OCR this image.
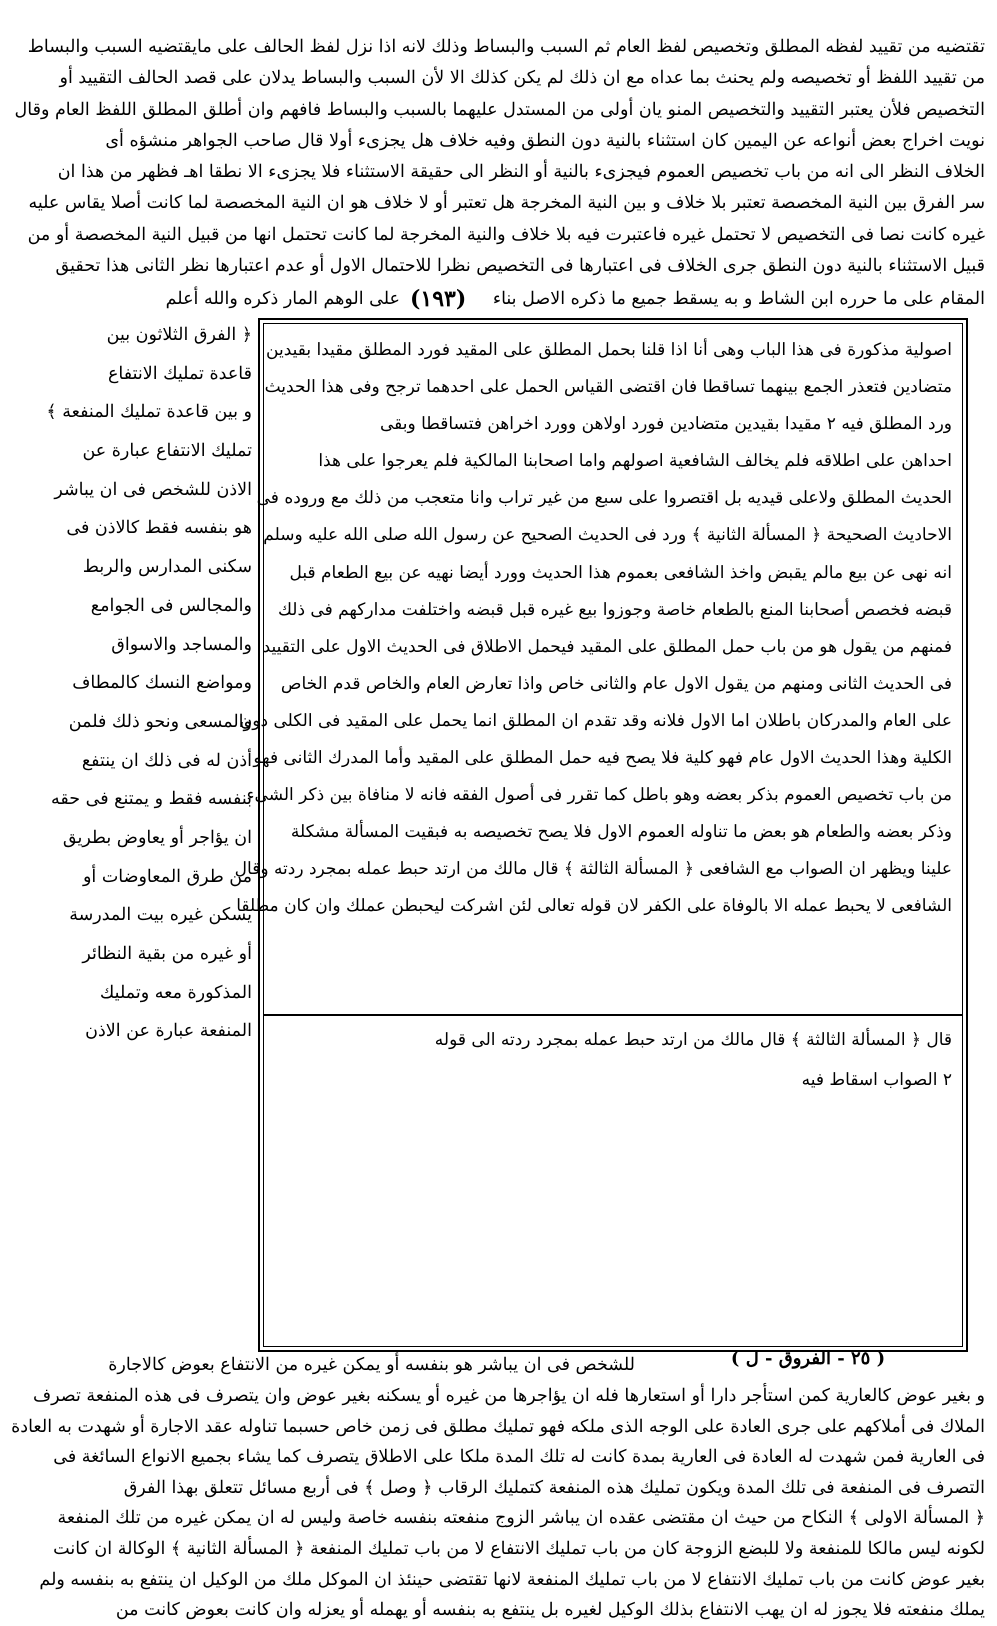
تقتضيه من تقييد لفظه المطلق وتخصيص لفظ العام ثم السبب والبساط وذلك لانه اذا نزل لفظ الحالف على مايقتضيه السبب والبساط
من تقييد اللفظ أو تخصيصه ولم يحنث بما عداه مع ان ذلك لم يكن كذلك الا لأن السبب والبساط يدلان على قصد الحالف التقييد أو
التخصيص فلأن يعتبر التقييد والتخصيص المنو يان أولى من المستدل عليهما بالسبب والبساط فافهم وان أطلق المطلق اللفظ العام وقال
نويت اخراج بعض أنواعه عن اليمين كان استثناء بالنية دون النطق وفيه خلاف هل يجزىء أولا قال صاحب الجواهر منشؤه أى
الخلاف النظر الى انه من باب تخصيص العموم فيجزىء بالنية أو النظر الى حقيقة الاستثناء فلا يجزىء الا نطقا اهـ فظهر من هذا ان
سر الفرق بين النية المخصصة تعتبر بلا خلاف و بين النية المخرجة هل تعتبر أو لا خلاف هو ان النية المخصصة لما كانت أصلا يقاس عليه
غيره كانت نصا فى التخصيص لا تحتمل غيره فاعتبرت فيه بلا خلاف والنية المخرجة لما كانت تحتمل انها من قبيل النية المخصصة أو من
قبيل الاستثناء بالنية دون النطق جرى الخلاف فى اعتبارها فى التخصيص نظرا للاحتمال الاول أو عدم اعتبارها نظر الثانى هذا تحقيق
المقام على ما حرره ابن الشاط و به يسقط جميع ما ذكره الاصل بناء
(١٩٣)
على الوهم المار ذكره والله أعلم
﴿ الفرق الثلاثون بين
قاعدة تمليك الانتفاع
و بين قاعدة تمليك المنفعة ﴾
تمليك الانتفاع عبارة عن
الاذن للشخص فى ان يباشر
هو بنفسه فقط كالاذن فى
سكنى المدارس والربط
والمجالس فى الجوامع
والمساجد والاسواق
ومواضع النسك كالمطاف
والمسعى ونحو ذلك فلمن
أذن له فى ذلك ان ينتفع
بنفسه فقط و يمتنع فى حقه
ان يؤاجر أو يعاوض بطريق
من طرق المعاوضات أو
يسكن غيره بيت المدرسة
أو غيره من بقية النظائر
المذكورة معه وتمليك
المنفعة عبارة عن الاذن
اصولية مذكورة فى هذا الباب وهى أنا اذا قلنا بحمل المطلق على المقيد فورد المطلق مقيدا بقيدين
متضادين فتعذر الجمع بينهما تساقطا فان اقتضى القياس الحمل على احدهما ترجح وفى هذا الحديث
ورد المطلق فيه ٢ مقيدا بقيدين متضادين فورد اولاهن وورد اخراهن فتساقطا وبقى
احداهن على اطلاقه فلم يخالف الشافعية اصولهم واما اصحابنا المالكية فلم يعرجوا على هذا
الحديث المطلق ولاعلى قيديه بل اقتصروا على سبع من غير تراب وانا متعجب من ذلك مع وروده فى
الاحاديث الصحيحة ﴿ المسألة الثانية ﴾ ورد فى الحديث الصحيح عن رسول الله صلى الله عليه وسلم
انه نهى عن بيع مالم يقبض واخذ الشافعى بعموم هذا الحديث وورد أيضا نهيه عن بيع الطعام قبل
قبضه فخصص أصحابنا المنع بالطعام خاصة وجوزوا بيع غيره قبل قبضه واختلفت مداركهم فى ذلك
فمنهم من يقول هو من باب حمل المطلق على المقيد فيحمل الاطلاق فى الحديث الاول على التقييد
فى الحديث الثانى ومنهم من يقول الاول عام والثانى خاص واذا تعارض العام والخاص قدم الخاص
على العام والمدركان باطلان اما الاول فلانه وقد تقدم ان المطلق انما يحمل على المقيد فى الكلى دون
الكلية وهذا الحديث الاول عام فهو كلية فلا يصح فيه حمل المطلق على المقيد وأما المدرك الثانى فهو
من باب تخصيص العموم بذكر بعضه وهو باطل كما تقرر فى أصول الفقه فانه لا منافاة بين ذكر الشىء
وذكر بعضه والطعام هو بعض ما تناوله العموم الاول فلا يصح تخصيصه به فبقيت المسألة مشكلة
علينا ويظهر ان الصواب مع الشافعى ﴿ المسألة الثالثة ﴾ قال مالك من ارتد حبط عمله بمجرد ردته وقال
الشافعى لا يحبط عمله الا بالوفاة على الكفر لان قوله تعالى لئن اشركت ليحبطن عملك وان كان مطلقا
قال ﴿ المسألة الثالثة ﴾ قال مالك من ارتد حبط عمله بمجرد ردته الى قوله
٢ الصواب اسقاط فيه
( ٢٥ - الفروق - ل )
للشخص فى ان يباشر هو بنفسه أو يمكن غيره من الانتفاع بعوض كالاجارة
و بغير عوض كالعارية كمن استأجر دارا أو استعارها فله ان يؤاجرها من غيره أو يسكنه بغير عوض وان يتصرف فى هذه المنفعة تصرف
الملاك فى أملاكهم على جرى العادة على الوجه الذى ملكه فهو تمليك مطلق فى زمن خاص حسبما تناوله عقد الاجارة أو شهدت به العادة
فى العارية فمن شهدت له العادة فى العارية بمدة كانت له تلك المدة ملكا على الاطلاق يتصرف كما يشاء بجميع الانواع السائغة فى
التصرف فى المنفعة فى تلك المدة ويكون تمليك هذه المنفعة كتمليك الرقاب ﴿ وصل ﴾ فى أربع مسائل تتعلق بهذا الفرق
﴿ المسألة الاولى ﴾ النكاح من حيث ان مقتضى عقده ان يباشر الزوج منفعته بنفسه خاصة وليس له ان يمكن غيره من تلك المنفعة
لكونه ليس مالكا للمنفعة ولا للبضع الزوجة كان من باب تمليك الانتفاع لا من باب تمليك المنفعة ﴿ المسألة الثانية ﴾ الوكالة ان كانت
بغير عوض كانت من باب تمليك الانتفاع لا من باب تمليك المنفعة لانها تقتضى حينئذ ان الموكل ملك من الوكيل ان ينتفع به بنفسه ولم
يملك منفعته فلا يجوز له ان يهب الانتفاع بذلك الوكيل لغيره بل ينتفع به بنفسه أو يهمله أو يعزله وان كانت بعوض كانت من
